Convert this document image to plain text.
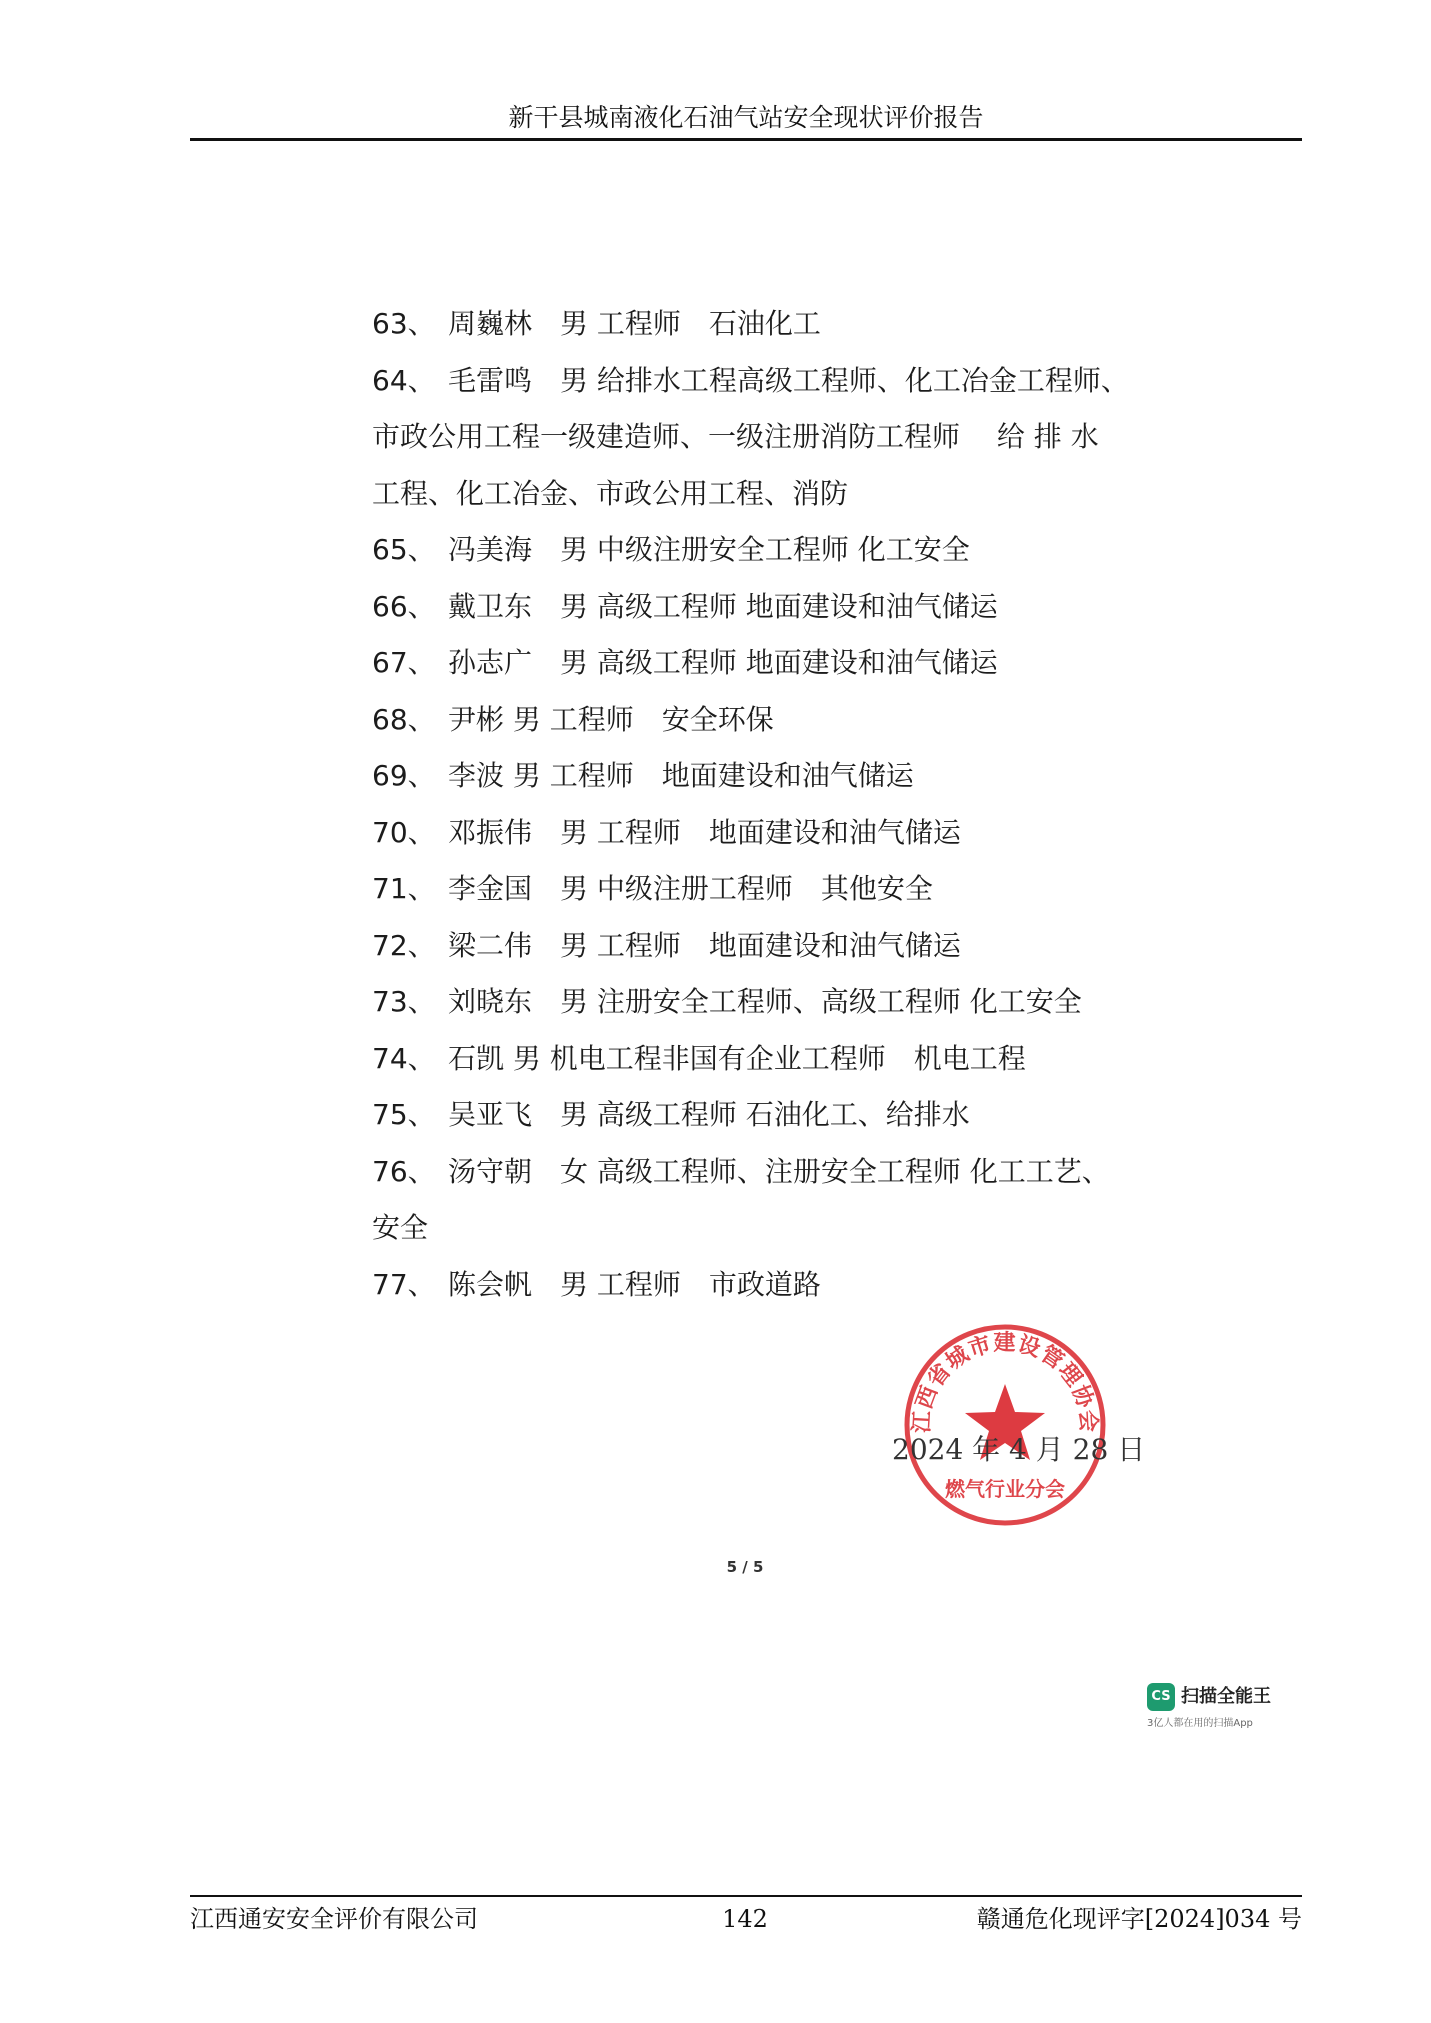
新干县城南液化石油气站安全现状评价报告
63、 周巍林　男 工程师　石油化工
64、 毛雷鸣　男 给排水工程高级工程师、化工冶金工程师、
市政公用工程一级建造师、一级注册消防工程师　 给 排 水
工程、化工冶金、市政公用工程、消防
65、 冯美海　男 中级注册安全工程师 化工安全
66、 戴卫东　男 高级工程师 地面建设和油气储运
67、 孙志广　男 高级工程师 地面建设和油气储运
68、 尹彬 男 工程师　安全环保
69、 李波 男 工程师　地面建设和油气储运
70、 邓振伟　男 工程师　地面建设和油气储运
71、 李金国　男 中级注册工程师　其他安全
72、 梁二伟　男 工程师　地面建设和油气储运
73、 刘晓东　男 注册安全工程师、高级工程师 化工安全
74、 石凯 男 机电工程非国有企业工程师　机电工程
75、 吴亚飞　男 高级工程师 石油化工、给排水
76、 汤守朝　女 高级工程师、注册安全工程师 化工工艺、
安全
77、 陈会帆　男 工程师　市政道路
江西省城市建设管理协会
燃气行业分会
2024 年 4 月 28 日
5 / 5
CS 扫描全能王
3亿人都在用的扫描App
江西通安安全评价有限公司	142	赣通危化现评字[2024]034 号
